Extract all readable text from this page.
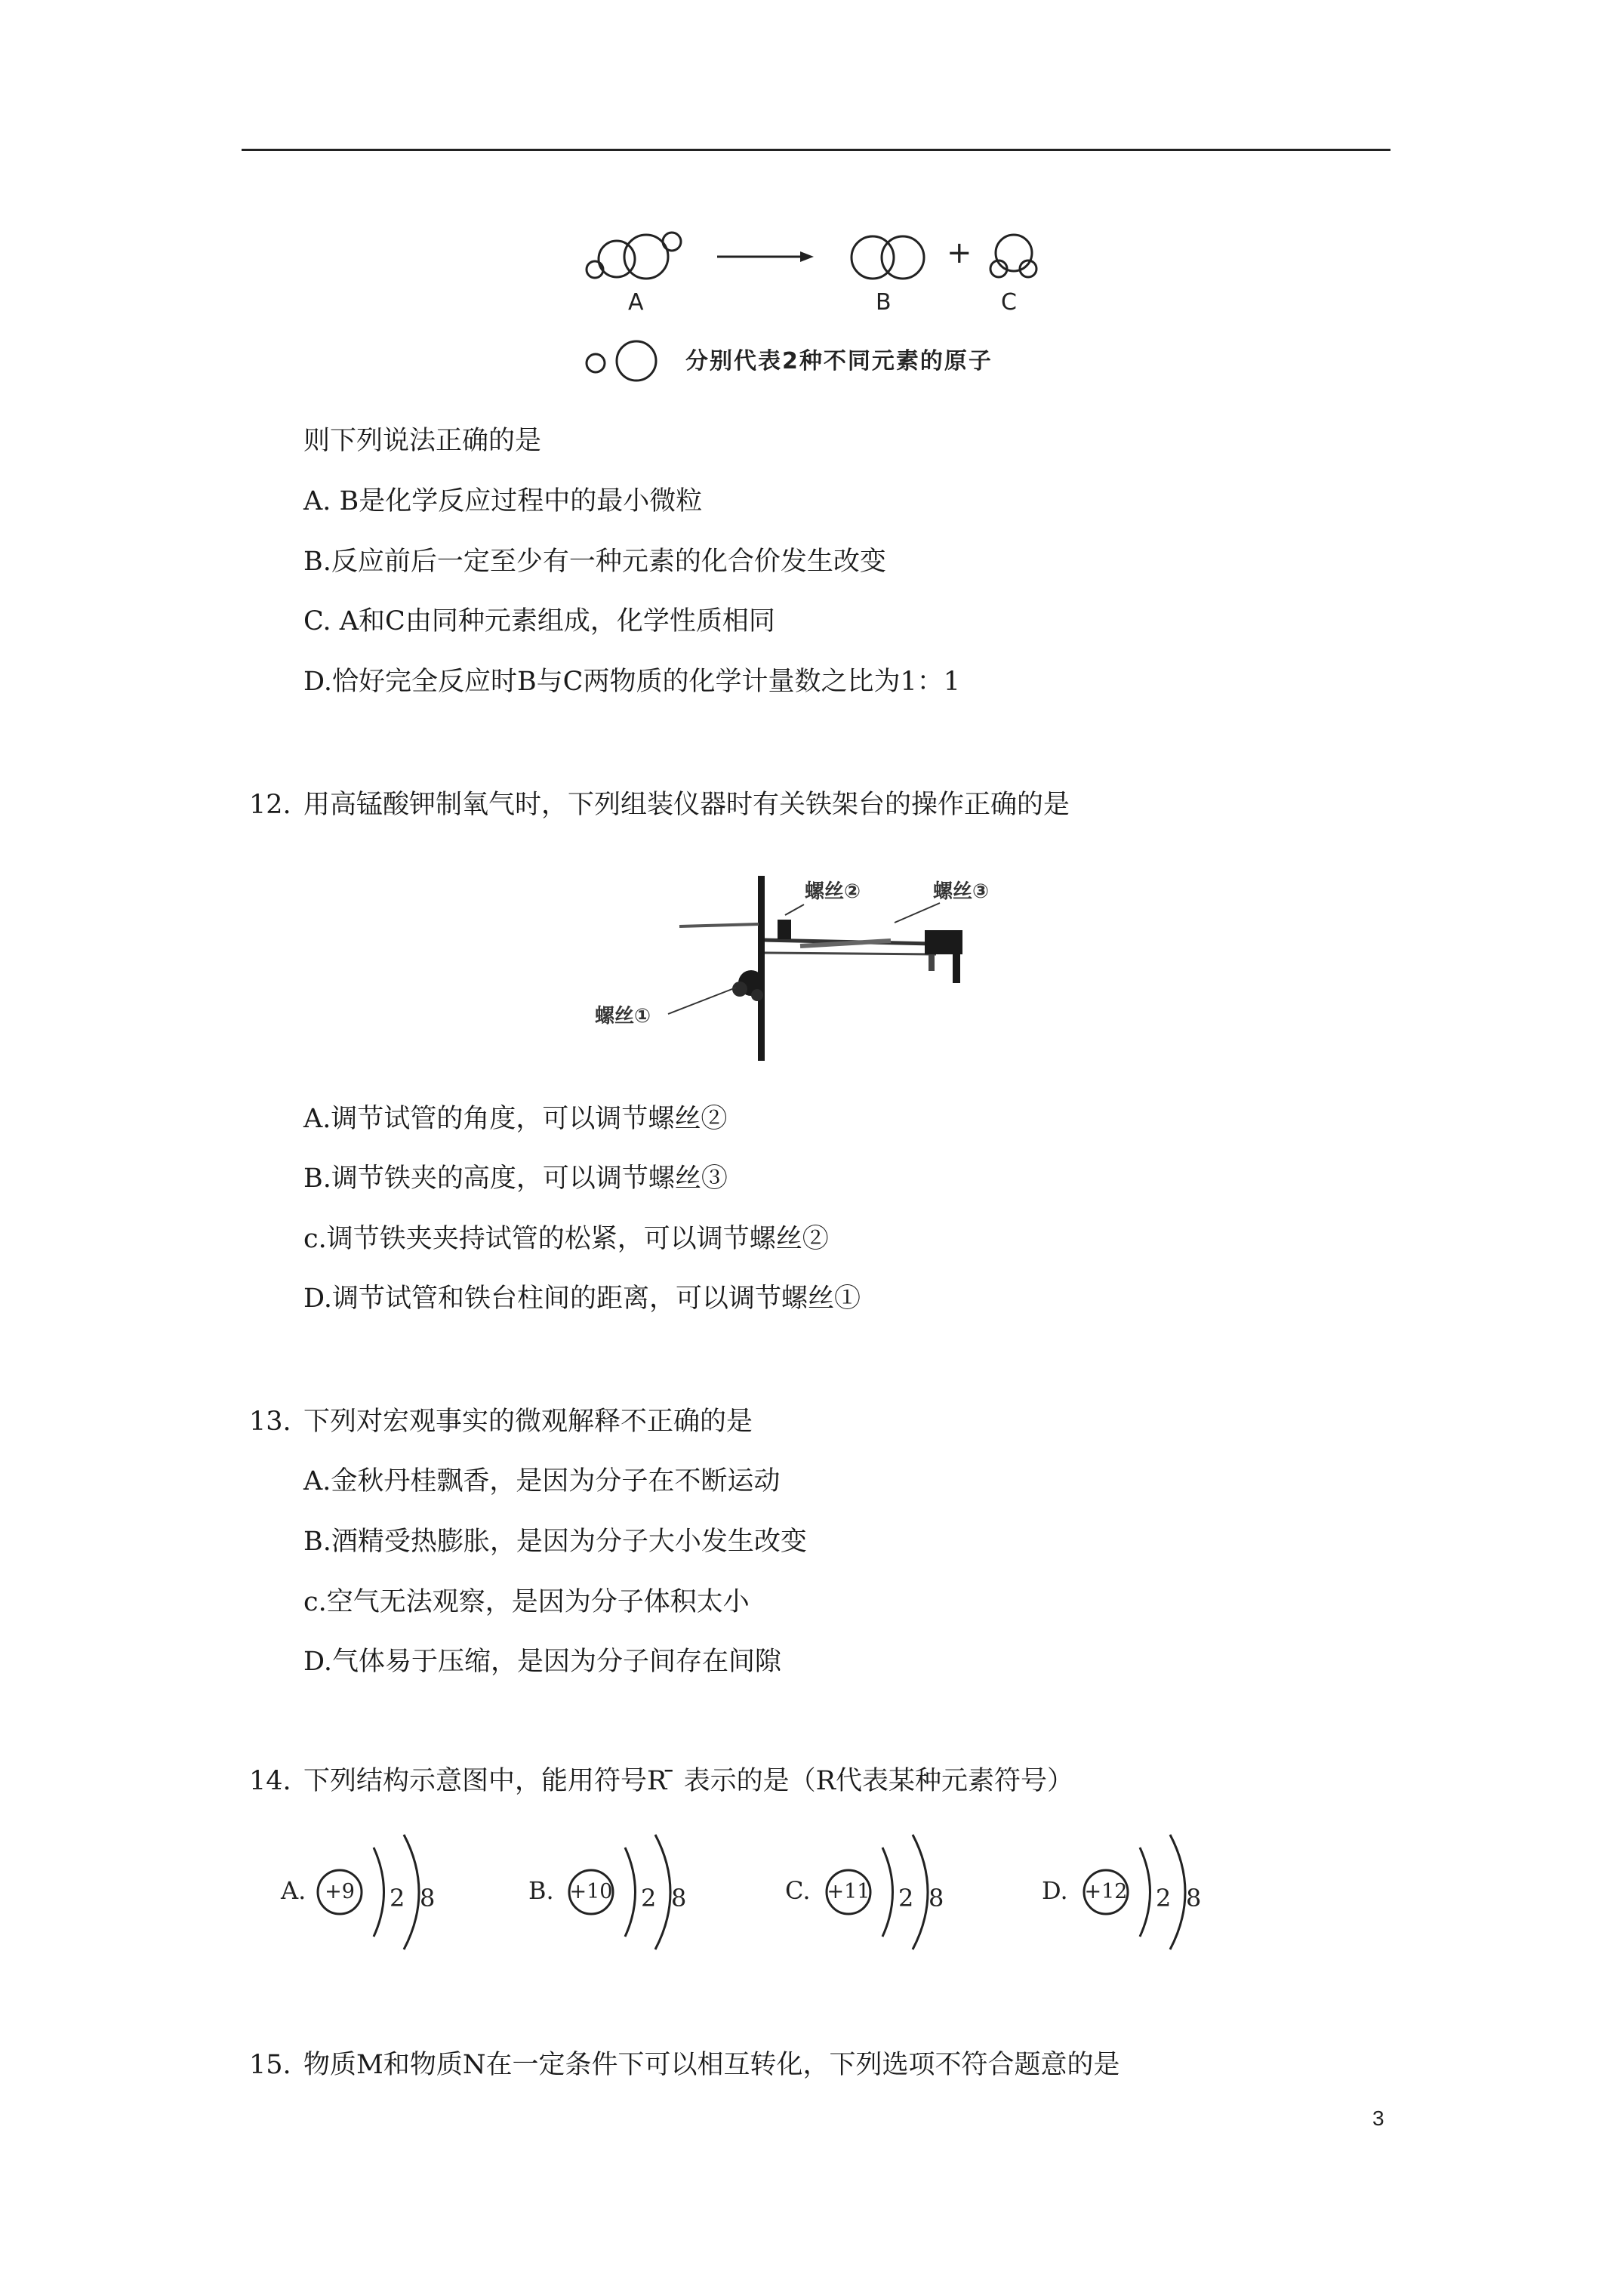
+
A	B	C
分别代表2种不同元素的原子
则下列说法正确的是
A. B是化学反应过程中的最小微粒
B.反应前后一定至少有一种元素的化合价发生改变
C. A和C由同种元素组成，化学性质相同
D.恰好完全反应时B与C两物质的化学计量数之比为1：1
12. 用高锰酸钾制氧气时，下列组装仪器时有关铁架台的操作正确的是
螺丝①
螺丝②	螺丝③
A.调节试管的角度，可以调节螺丝②
B.调节铁夹的高度，可以调节螺丝③
c.调节铁夹夹持试管的松紧，可以调节螺丝②
D.调节试管和铁台柱间的距离，可以调节螺丝①
13. 下列对宏观事实的微观解释不正确的是
A.金秋丹桂飘香，是因为分子在不断运动
B.酒精受热膨胀，是因为分子大小发生改变
c.空气无法观察，是因为分子体积太小
D.气体易于压缩，是因为分子间存在间隙
14. 下列结构示意图中，能用符号R ̄ 表示的是（R代表某种元素符号）
A. +9	2 8	B. +10 2 8	C. +11 2 8	D. +12 2 8
15. 物质M和物质N在一定条件下可以相互转化，下列选项不符合题意的是
3
